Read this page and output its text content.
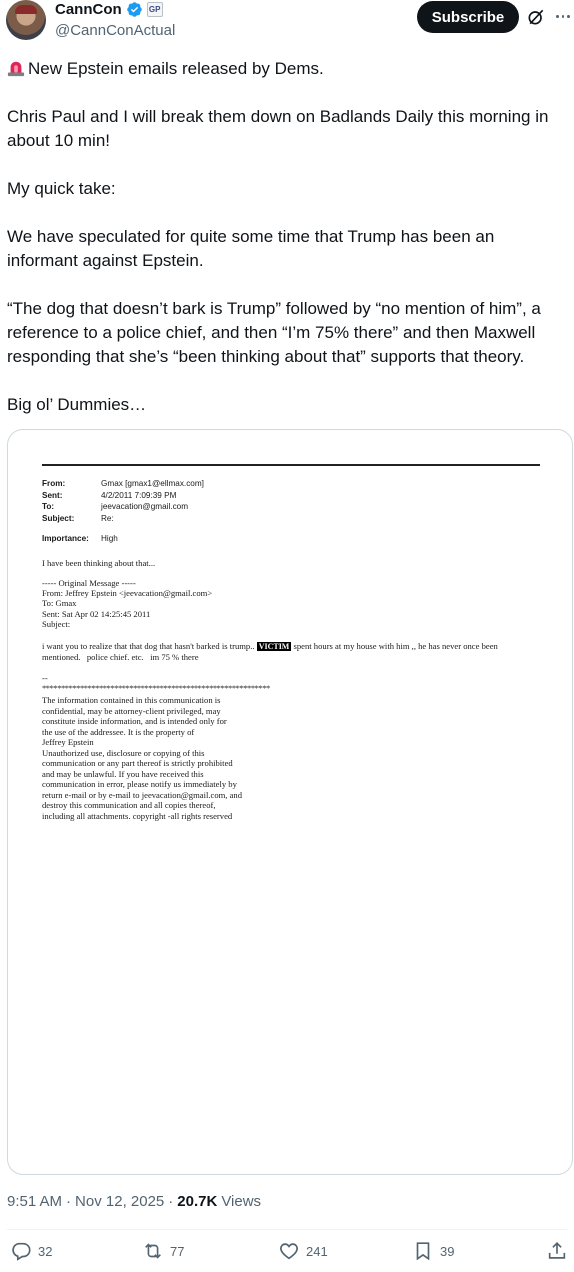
CannCon	GP
@CannConActual
Subscribe

New Epstein emails released by Dems.

Chris Paul and I will break them down on Badlands Daily this morning in about 10 min!

My quick take:

We have speculated for quite some time that Trump has been an informant against Epstein.

“The dog that doesn’t bark is Trump” followed by “no mention of him”, a reference to a police chief, and then “I’m 75% there” and then Maxwell responding that she’s “been thinking about that” supports that theory.

Big ol’ Dummies…

From:	Gmax [gmax1@ellmax.com]
Sent:	4/2/2011 7:09:39 PM
To:	jeevacation@gmail.com
Subject:	Re:
Importance:	High
I have been thinking about that...
----- Original Message -----
From: Jeffrey Epstein <jeevacation@gmail.com>
To: Gmax
Sent: Sat Apr 02 14:25:45 2011
Subject:
i want you to realize that that dog that hasn't barked is trump.. VICTIM spent hours at my house with him ,, he has never once been
mentioned.   police chief. etc.   im 75 % there
--
************************************************************
The information contained in this communication is
confidential, may be attorney-client privileged, may
constitute inside information, and is intended only for
the use of the addressee. It is the property of
Jeffrey Epstein
Unauthorized use, disclosure or copying of this
communication or any part thereof is strictly prohibited
and may be unlawful. If you have received this
communication in error, please notify us immediately by
return e-mail or by e-mail to jeevacation@gmail.com, and
destroy this communication and all copies thereof,
including all attachments. copyright -all rights reserved
9:51 AM · Nov 12, 2025 · 20.7K Views
32	77	241	39
